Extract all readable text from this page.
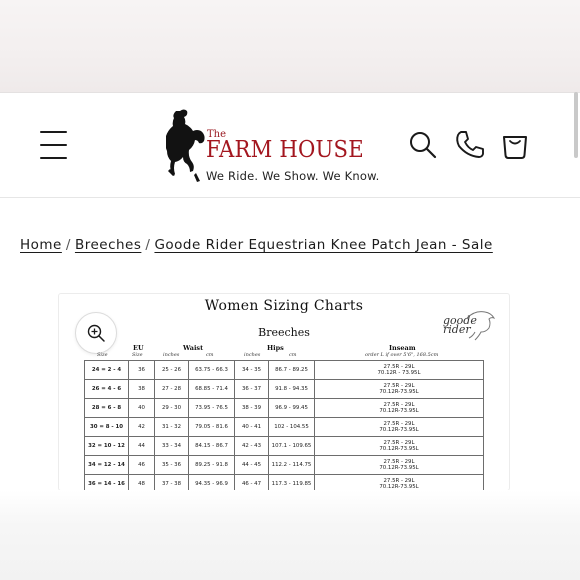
The
FARM HOUSE
We Ride. We Show. We Know.
Home / Breeches / Goode Rider Equestrian Knee Patch Jean - Sale
Women Sizing Charts
Breeches
goode rider
EU
Size	Size
Waist
inches	cm
Hips
inches	cm
Inseam
order L if over 5'6", 168.5cm
24 = 2 - 4	36	25 - 26	63.75 - 66.3	34 - 35	86.7 - 89.25	27.5R - 29L
70.12R - 73.95L

26 = 4 - 6	38	27 - 28	68.85 - 71.4	36 - 37	91.8 - 94.35	27.5R - 29L
70.12R-73.95L

28 = 6 - 8	40	29 - 30	73.95 - 76.5	38 - 39	96.9 - 99.45	27.5R - 29L
70.12R-73.95L

30 = 8 - 10	42	31 - 32	79.05 - 81.6	40 - 41	102 - 104.55	27.5R - 29L
70.12R-73.95L

32 = 10 - 12	44	33 - 34	84.15 - 86.7	42 - 43	107.1 - 109.65	27.5R - 29L
70.12R-73.95L

34 = 12 - 14	46	35 - 36	89.25 - 91.8	44 - 45	112.2 - 114.75	27.5R - 29L
70.12R-73.95L

36 = 14 - 16	48	37 - 38	94.35 - 96.9	46 - 47	117.3 - 119.85	27.5R - 29L
70.12R-73.95L
